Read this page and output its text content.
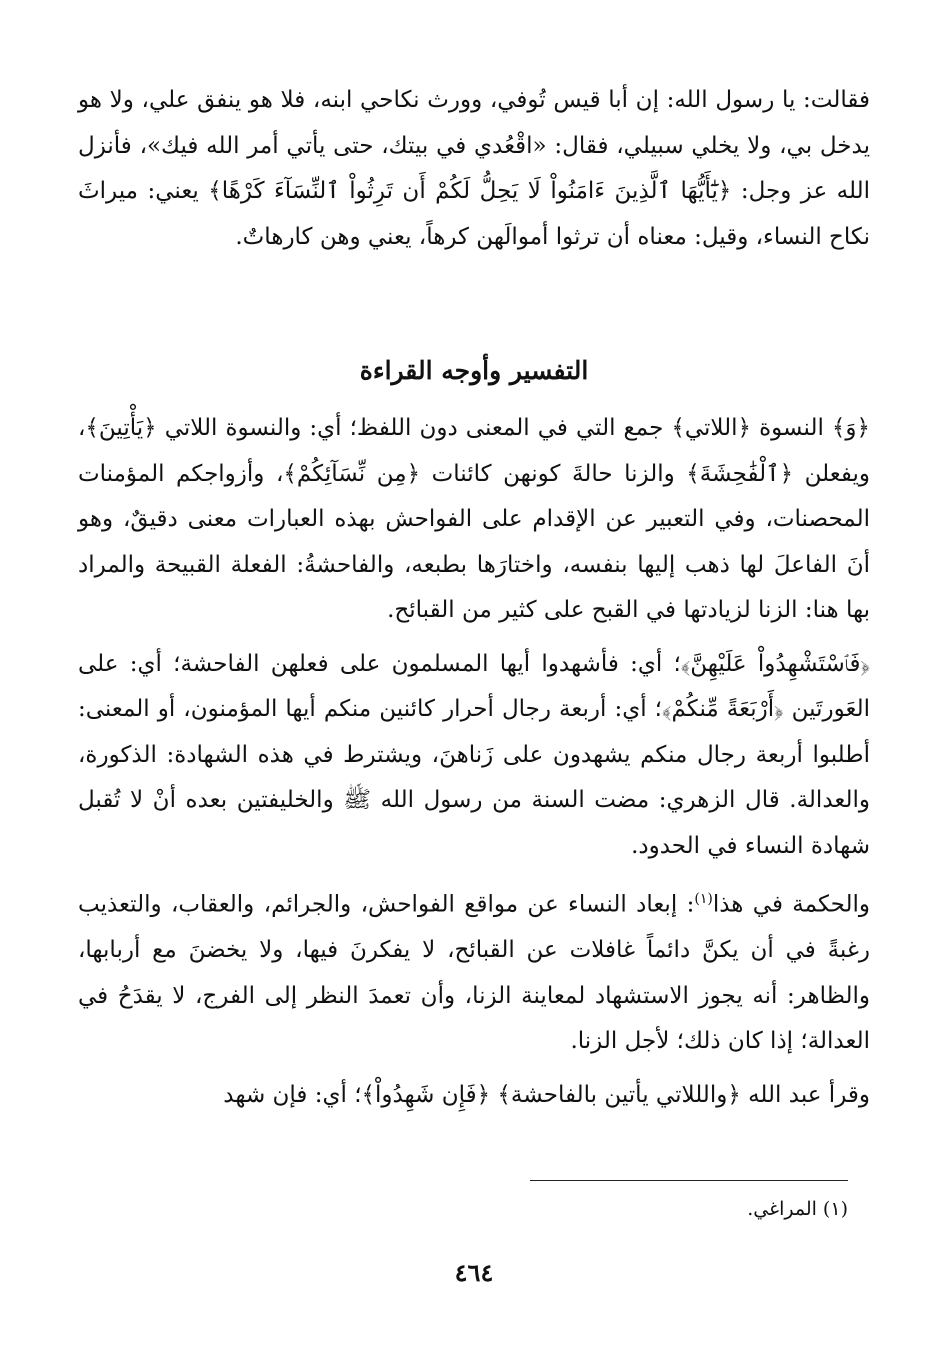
فقالت: يا رسول الله: إن أبا قيس تُوفي، وورث نكاحي ابنه، فلا هو ينفق علي، ولا هو يدخل بي، ولا يخلي سبيلي، فقال: «اقْعُدي في بيتك، حتى يأتي أمر الله فيك»، فأنزل الله عز وجل: ﴿يَٰٓأَيُّهَا ٱلَّذِينَ ءَامَنُواْ لَا يَحِلُّ لَكُمْ أَن تَرِثُواْ ٱلنِّسَآءَ كَرْهًا﴾ يعني: ميراثَ نكاح النساء، وقيل: معناه أن ترثوا أموالَهن كرهاً، يعني وهن كارهاتٌ.

التفسير وأوجه القراءة

﴿وَ﴾ النسوة ﴿اللاتي﴾ جمع التي في المعنى دون اللفظ؛ أي: والنسوة اللاتي ﴿يَأْتِينَ﴾، ويفعلن ﴿ٱلْفَٰحِشَةَ﴾ والزنا حالةَ كونهن كائنات ﴿مِن نِّسَآئِكُمْ﴾، وأزواجكم المؤمنات المحصنات، وفي التعبير عن الإقدام على الفواحش بهذه العبارات معنى دقيقٌ، وهو أنَ الفاعلَ لها ذهب إليها بنفسه، واختارَها بطبعه، والفاحشةُ: الفعلة القبيحة والمراد بها هنا: الزنا لزيادتها في القبح على كثير من القبائح.

﴿فَٱسْتَشْهِدُواْ عَلَيْهِنَّ﴾؛ أي: فأشهدوا أيها المسلمون على فعلهن الفاحشة؛ أي: على العَورتَين ﴿أَرْبَعَةً مِّنكُمْ﴾؛ أي: أربعة رجال أحرار كائنين منكم أيها المؤمنون، أو المعنى: أطلبوا أربعة رجال منكم يشهدون على زَناهنَ، ويشترط في هذه الشهادة: الذكورة، والعدالة. قال الزهري: مضت السنة من رسول الله ﷺ والخليفتين بعده أنْ لا تُقبل شهادة النساء في الحدود.

والحكمة في هذا$^{(١)}$: إبعاد النساء عن مواقع الفواحش، والجرائم، والعقاب، والتعذيب رغبةً في أن يكنَّ دائماً غافلات عن القبائح، لا يفكرنَ فيها، ولا يخضنَ مع أربابها، والظاهر: أنه يجوز الاستشهاد لمعاينة الزنا، وأن تعمدَ النظر إلى الفرج، لا يقدَحُ في العدالة؛ إذا كان ذلك؛ لأجل الزنا.

وقرأ عبد الله ﴿والللاتي يأتين بالفاحشة﴾ ﴿فَإِن شَهِدُواْ﴾؛ أي: فإن شهد

(١) المراغي.
٤٦٤
